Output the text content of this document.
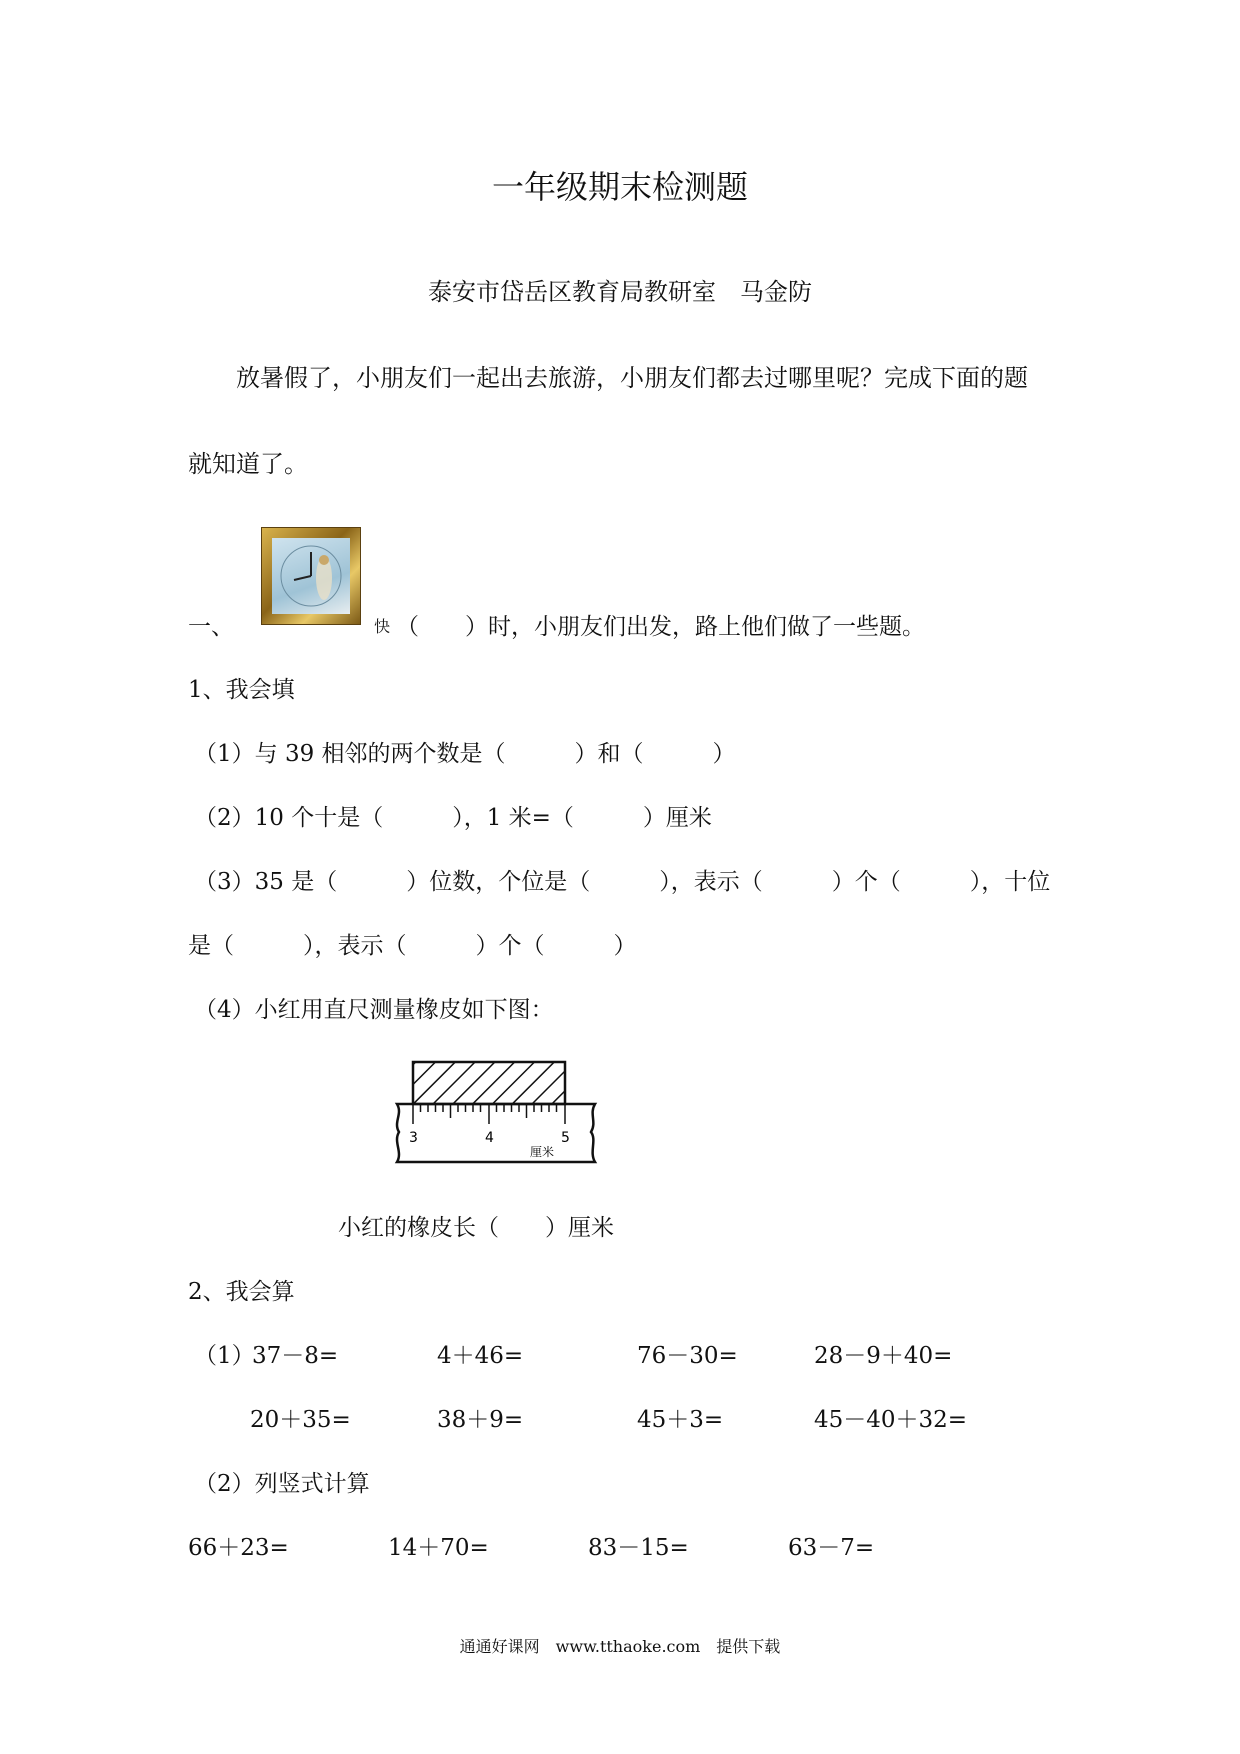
一年级期末检测题
泰安市岱岳区教育局教研室　马金防
放暑假了，小朋友们一起出去旅游，小朋友们都去过哪里呢？完成下面的题
就知道了。
一、	快 （　　）时，小朋友们出发，路上他们做了一些题。
1、我会填
（1）与 39 相邻的两个数是（　　　）和（　　　）
（2）10 个十是（　　　），1 米=（　　　）厘米
（3）35 是（　　　）位数，个位是（　　　），表示（　　　）个（　　　），十位
是（　　　），表示（　　　）个（　　　）
（4）小红用直尺测量橡皮如下图：
3	4	5
厘米
小红的橡皮长（　　）厘米
2、我会算
（1）
37－8=	4＋46=	76－30=	28－9＋40=
20＋35=	38＋9=	45＋3=	45－40＋32=
（2）列竖式计算
66＋23=	14＋70=	83－15=	63－7=
通通好课网　www.tthaoke.com　提供下载
